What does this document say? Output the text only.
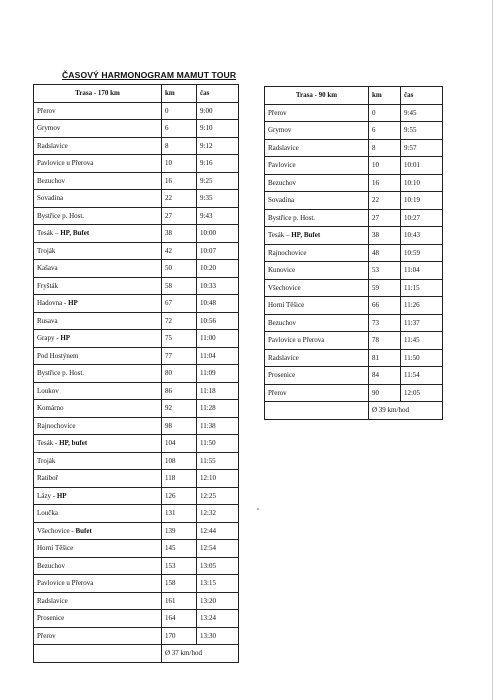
ČASOVÝ HARMONOGRAM MAMUT TOUR
Trasa - 170 km	km	čas
Přerov	0	9:00
Grymov	6	9:10
Radslavice	8	9:12
Pavlovice u Přerova	10	9:16
Bezuchov	16	9:25
Sovadina	22	9:35
Bystřice p. Host.	27	9:43
Tesák – HP, Bufet	38	10:00
Troják	42	10:07
Kašava	50	10:20
Fryšták	58	10:33
Hadovna - HP	67	10:48
Rusava	72	10:56
Grapy - HP	75	11:00
Pod Hostýnem	77	11:04
Bystřice p. Host.	80	11:09
Loukov	86	11:18
Komárno	92	11:28
Rajnochovice	98	11:38
Tesák - HP, bufet	104	11:50
Troják	108	11:55
Ratiboř	118	12:10
Lázy - HP	126	12:25
Loučka	131	12:32
Všechovice - Bufet	139	12:44
Horní Těšice	145	12:54
Bezuchov	153	13:05
Pavlovice u Přerova	158	13:15
Radslavice	161	13:20
Prosenice	164	13:24
Přerov	170	13:30
	Ø 37 km/hod	
Trasa - 90 km	km	čas
Přerov	0	9:45
Grymov	6	9:55
Radslavice	8	9:57
Pavlovice	10	10:01
Bezuchov	16	10:10
Sovadina	22	10:19
Bystřice p. Host.	27	10:27
Tesák – HP, Bufet	38	10:43
Rajnochovice	48	10:59
Kunovice	53	11:04
Všechovice	59	11:15
Horní Těšice	66	11:26
Bezuchov	73	11:37
Pavlovice u Přerova	78	11:45
Radslavice	81	11:50
Prosenice	84	11:54
Přerov	90	12:05
	Ø 39 km/hod	
